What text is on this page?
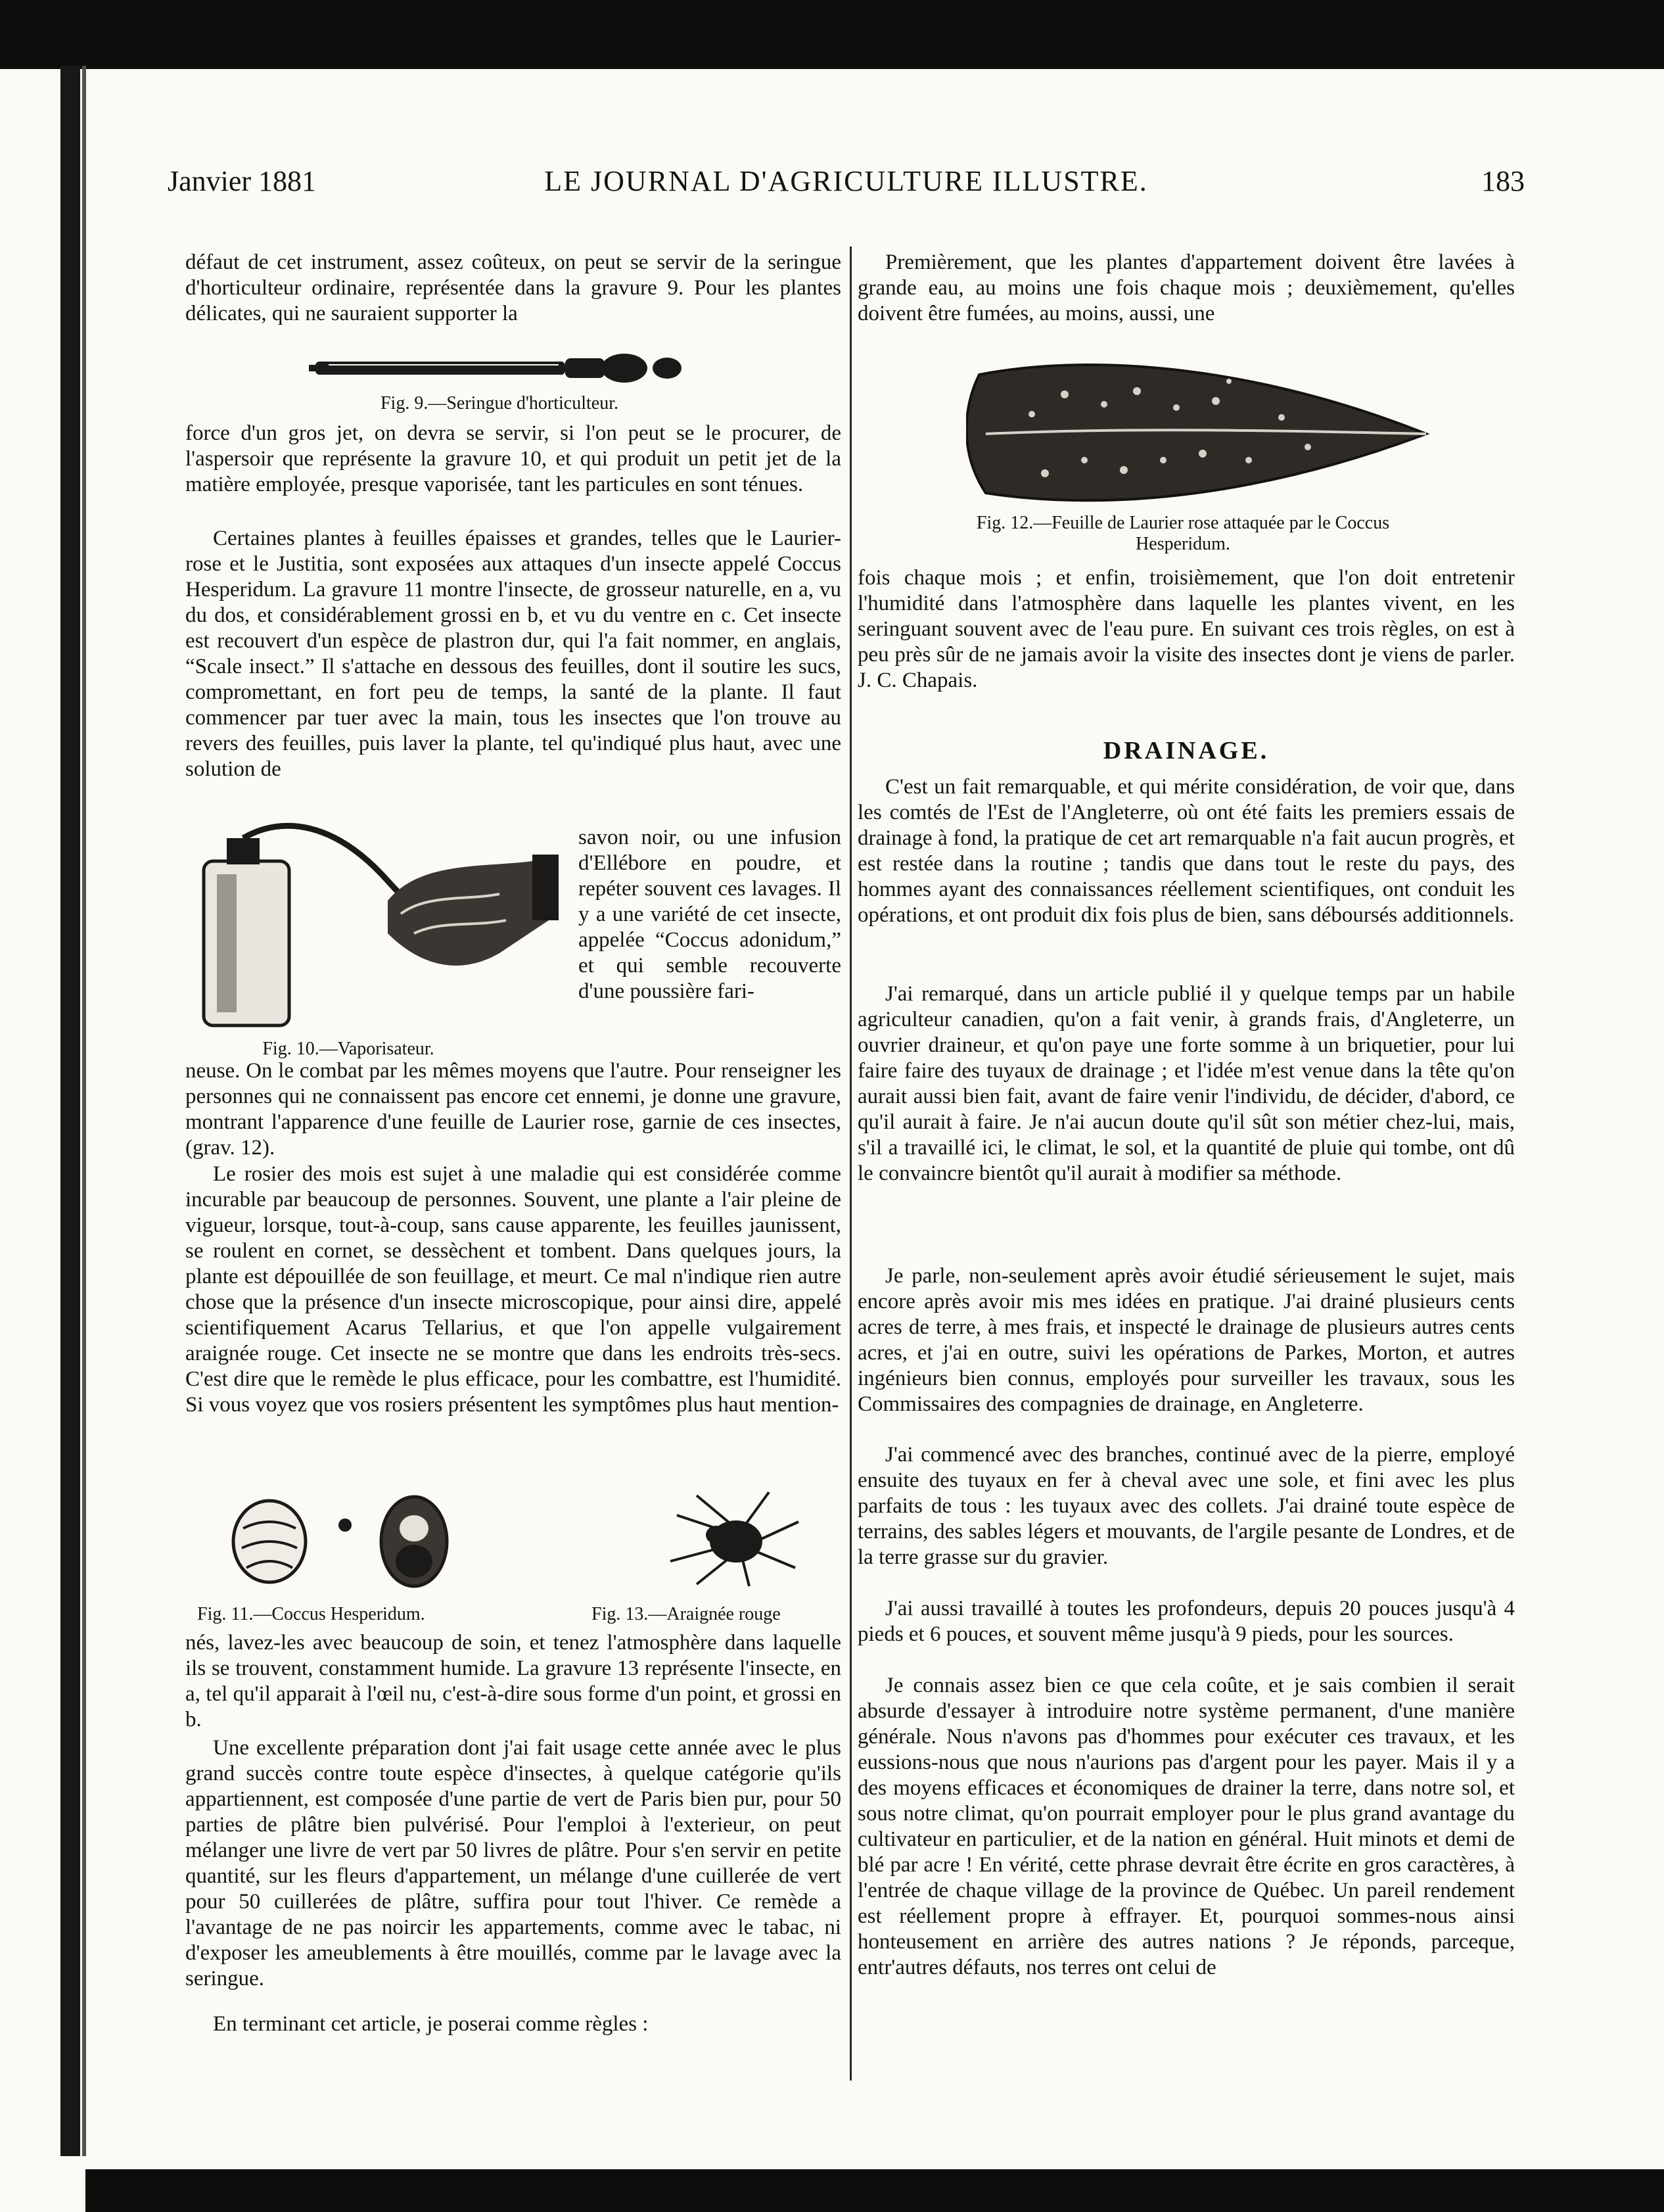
Janvier 1881	LE JOURNAL D'AGRICULTURE ILLUSTRE.	183

défaut de cet instrument, assez coûteux, on peut se servir de la seringue d'horticulteur ordinaire, représentée dans la gravure 9. Pour les plantes délicates, qui ne sauraient supporter la

Fig. 9.—Seringue d'horticulteur.

force d'un gros jet, on devra se servir, si l'on peut se le procurer, de l'aspersoir que représente la gravure 10, et qui produit un petit jet de la matière employée, presque vaporisée, tant les particules en sont ténues.

Certaines plantes à feuilles épaisses et grandes, telles que le Laurier-rose et le Justitia, sont exposées aux attaques d'un insecte appelé Coccus Hesperidum. La gravure 11 montre l'insecte, de grosseur naturelle, en a, vu du dos, et considérablement grossi en b, et vu du ventre en c. Cet insecte est recouvert d'un espèce de plastron dur, qui l'a fait nommer, en anglais, “Scale insect.” Il s'attache en dessous des feuilles, dont il soutire les sucs, compromettant, en fort peu de temps, la santé de la plante. Il faut commencer par tuer avec la main, tous les insectes que l'on trouve au revers des feuilles, puis laver la plante, tel qu'indiqué plus haut, avec une solution de

Fig. 10.—Vaporisateur.

savon noir, ou une infusion d'Ellébore en poudre, et repéter souvent ces lavages. Il y a une variété de cet insecte, appelée “Coccus adonidum,” et qui semble recouverte d'une poussière fari-

neuse. On le combat par les mêmes moyens que l'autre. Pour renseigner les personnes qui ne connaissent pas encore cet ennemi, je donne une gravure, montrant l'apparence d'une feuille de Laurier rose, garnie de ces insectes, (grav. 12).

Le rosier des mois est sujet à une maladie qui est considérée comme incurable par beaucoup de personnes. Souvent, une plante a l'air pleine de vigueur, lorsque, tout-à-coup, sans cause apparente, les feuilles jaunissent, se roulent en cornet, se dessèchent et tombent. Dans quelques jours, la plante est dépouillée de son feuillage, et meurt. Ce mal n'indique rien autre chose que la présence d'un insecte microscopique, pour ainsi dire, appelé scientifiquement Acarus Tellarius, et que l'on appelle vulgairement araignée rouge. Cet insecte ne se montre que dans les endroits très-secs. C'est dire que le remède le plus efficace, pour les combattre, est l'humidité. Si vous voyez que vos rosiers présentent les symptômes plus haut mention-

Fig. 11.—Coccus Hesperidum.	Fig. 13.—Araignée rouge

nés, lavez-les avec beaucoup de soin, et tenez l'atmosphère dans laquelle ils se trouvent, constamment humide. La gravure 13 représente l'insecte, en a, tel qu'il apparait à l'œil nu, c'est-à-dire sous forme d'un point, et grossi en b.

Une excellente préparation dont j'ai fait usage cette année avec le plus grand succès contre toute espèce d'insectes, à quelque catégorie qu'ils appartiennent, est composée d'une partie de vert de Paris bien pur, pour 50 parties de plâtre bien pulvérisé. Pour l'emploi à l'exterieur, on peut mélanger une livre de vert par 50 livres de plâtre. Pour s'en servir en petite quantité, sur les fleurs d'appartement, un mélange d'une cuillerée de vert pour 50 cuillerées de plâtre, suffira pour tout l'hiver. Ce remède a l'avantage de ne pas noircir les appartements, comme avec le tabac, ni d'exposer les ameublements à être mouillés, comme par le lavage avec la seringue.

En terminant cet article, je poserai comme règles :

Premièrement, que les plantes d'appartement doivent être lavées à grande eau, au moins une fois chaque mois ; deuxièmement, qu'elles doivent être fumées, au moins, aussi, une

Fig. 12.—Feuille de Laurier rose attaquée par le Coccus Hesperidum.

fois chaque mois ; et enfin, troisièmement, que l'on doit entretenir l'humidité dans l'atmosphère dans laquelle les plantes vivent, en les seringuant souvent avec de l'eau pure. En suivant ces trois règles, on est à peu près sûr de ne jamais avoir la visite des insectes dont je viens de parler. J. C. Chapais.

DRAINAGE.

C'est un fait remarquable, et qui mérite considération, de voir que, dans les comtés de l'Est de l'Angleterre, où ont été faits les premiers essais de drainage à fond, la pratique de cet art remarquable n'a fait aucun progrès, et est restée dans la routine ; tandis que dans tout le reste du pays, des hommes ayant des connaissances réellement scientifiques, ont conduit les opérations, et ont produit dix fois plus de bien, sans déboursés additionnels.

J'ai remarqué, dans un article publié il y quelque temps par un habile agriculteur canadien, qu'on a fait venir, à grands frais, d'Angleterre, un ouvrier draineur, et qu'on paye une forte somme à un briquetier, pour lui faire faire des tuyaux de drainage ; et l'idée m'est venue dans la tête qu'on aurait aussi bien fait, avant de faire venir l'individu, de décider, d'abord, ce qu'il aurait à faire. Je n'ai aucun doute qu'il sût son métier chez-lui, mais, s'il a travaillé ici, le climat, le sol, et la quantité de pluie qui tombe, ont dû le convaincre bientôt qu'il aurait à modifier sa méthode.

Je parle, non-seulement après avoir étudié sérieusement le sujet, mais encore après avoir mis mes idées en pratique. J'ai drainé plusieurs cents acres de terre, à mes frais, et inspecté le drainage de plusieurs autres cents acres, et j'ai en outre, suivi les opérations de Parkes, Morton, et autres ingénieurs bien connus, employés pour surveiller les travaux, sous les Commissaires des compagnies de drainage, en Angleterre.

J'ai commencé avec des branches, continué avec de la pierre, employé ensuite des tuyaux en fer à cheval avec une sole, et fini avec les plus parfaits de tous : les tuyaux avec des collets. J'ai drainé toute espèce de terrains, des sables légers et mouvants, de l'argile pesante de Londres, et de la terre grasse sur du gravier.

J'ai aussi travaillé à toutes les profondeurs, depuis 20 pouces jusqu'à 4 pieds et 6 pouces, et souvent même jusqu'à 9 pieds, pour les sources.

Je connais assez bien ce que cela coûte, et je sais combien il serait absurde d'essayer à introduire notre système permanent, d'une manière générale. Nous n'avons pas d'hommes pour exécuter ces travaux, et les eussions-nous que nous n'aurions pas d'argent pour les payer. Mais il y a des moyens efficaces et économiques de drainer la terre, dans notre sol, et sous notre climat, qu'on pourrait employer pour le plus grand avantage du cultivateur en particulier, et de la nation en général. Huit minots et demi de blé par acre ! En vérité, cette phrase devrait être écrite en gros caractères, à l'entrée de chaque village de la province de Québec. Un pareil rendement est réellement propre à effrayer. Et, pourquoi sommes-nous ainsi honteusement en arrière des autres nations ? Je réponds, parceque, entr'autres défauts, nos terres ont celui de
